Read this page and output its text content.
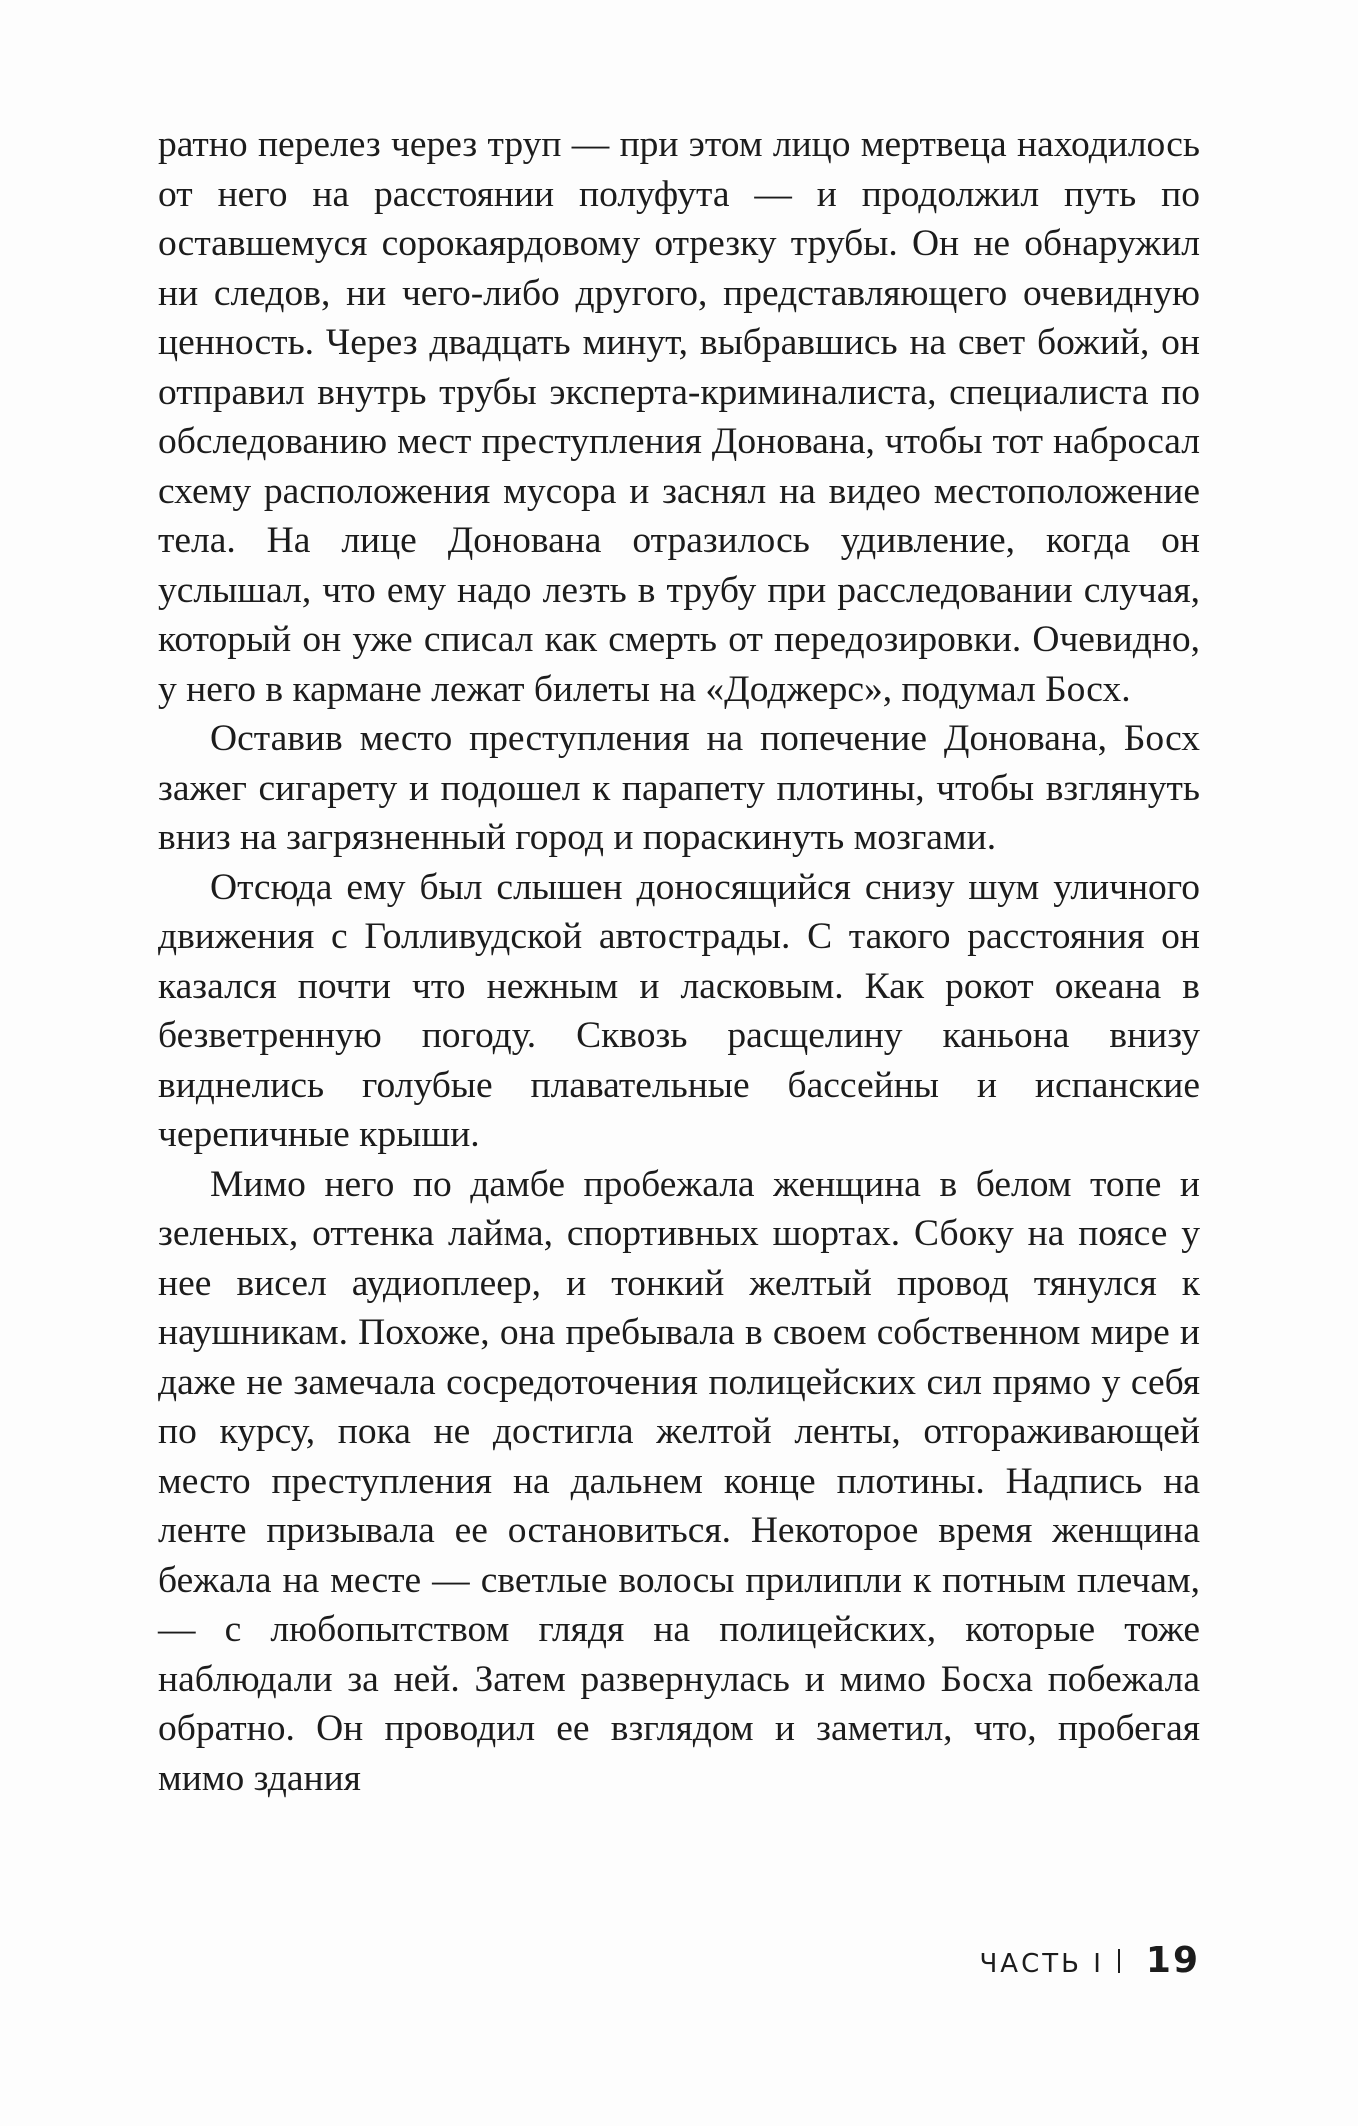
ратно перелез через труп — при этом лицо мертвеца находилось от него на расстоянии полуфута — и продолжил путь по оставшемуся сорокаярдовому отрезку трубы. Он не обнаружил ни следов, ни чего-либо другого, представляющего очевидную ценность. Через двадцать минут, выбравшись на свет божий, он отправил внутрь трубы эксперта-криминалиста, специалиста по обследованию мест преступления Донована, чтобы тот набросал схему расположения мусора и заснял на видео местоположение тела. На лице Донована отразилось удивление, когда он услышал, что ему надо лезть в трубу при расследовании случая, который он уже списал как смерть от передозировки. Очевидно, у него в кармане лежат билеты на «Доджерс», подумал Босх.

Оставив место преступления на попечение Донована, Босх зажег сигарету и подошел к парапету плотины, чтобы взглянуть вниз на загрязненный город и пораскинуть мозгами.

Отсюда ему был слышен доносящийся снизу шум уличного движения с Голливудской автострады. С такого расстояния он казался почти что нежным и ласковым. Как рокот океана в безветренную погоду. Сквозь расщелину каньона внизу виднелись голубые плавательные бассейны и испанские черепичные крыши.

Мимо него по дамбе пробежала женщина в белом топе и зеленых, оттенка лайма, спортивных шортах. Сбоку на поясе у нее висел аудиоплеер, и тонкий желтый провод тянулся к наушникам. Похоже, она пребывала в своем собственном мире и даже не замечала сосредоточения полицейских сил прямо у себя по курсу, пока не достигла желтой ленты, отгораживающей место преступления на дальнем конце плотины. Надпись на ленте призывала ее остановиться. Некоторое время женщина бежала на месте — светлые волосы прилипли к потным плечам, — с любопытством глядя на полицейских, которые тоже наблюдали за ней. Затем развернулась и мимо Босха побежала обратно. Он проводил ее взглядом и заметил, что, пробегая мимо здания

ЧАСТЬ I 19
